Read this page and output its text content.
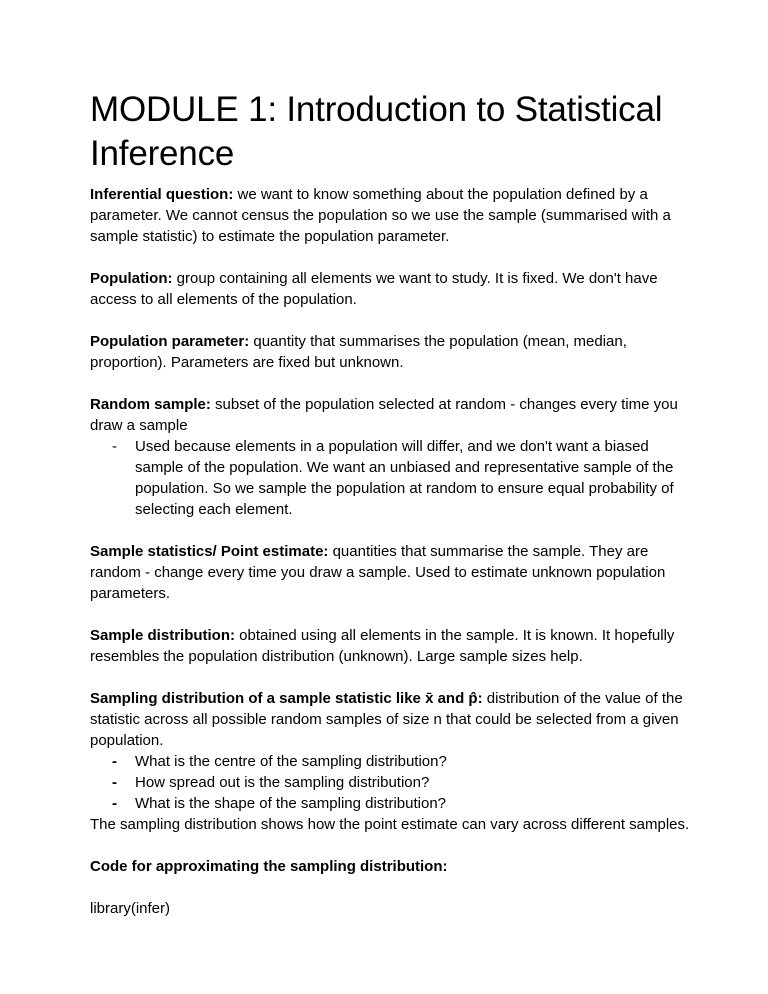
MODULE 1: Introduction to Statistical Inference

Inferential question: we want to know something about the population defined by a parameter. We cannot census the population so we use the sample (summarised with a sample statistic) to estimate the population parameter.

Population: group containing all elements we want to study. It is fixed. We don't have access to all elements of the population.

Population parameter: quantity that summarises the population (mean, median, proportion). Parameters are fixed but unknown.

Random sample: subset of the population selected at random - changes every time you draw a sample

- Used because elements in a population will differ, and we don't want a biased sample of the population. We want an unbiased and representative sample of the population. So we sample the population at random to ensure equal probability of selecting each element.

Sample statistics/ Point estimate: quantities that summarise the sample. They are random - change every time you draw a sample. Used to estimate unknown population parameters.

Sample distribution: obtained using all elements in the sample. It is known. It hopefully resembles the population distribution (unknown). Large sample sizes help.

Sampling distribution of a sample statistic like x̄ and p̂: distribution of the value of the statistic across all possible random samples of size n that could be selected from a given population.

- What is the centre of the sampling distribution?
- How spread out is the sampling distribution?
- What is the shape of the sampling distribution?

The sampling distribution shows how the point estimate can vary across different samples.

Code for approximating the sampling distribution:

library(infer)
